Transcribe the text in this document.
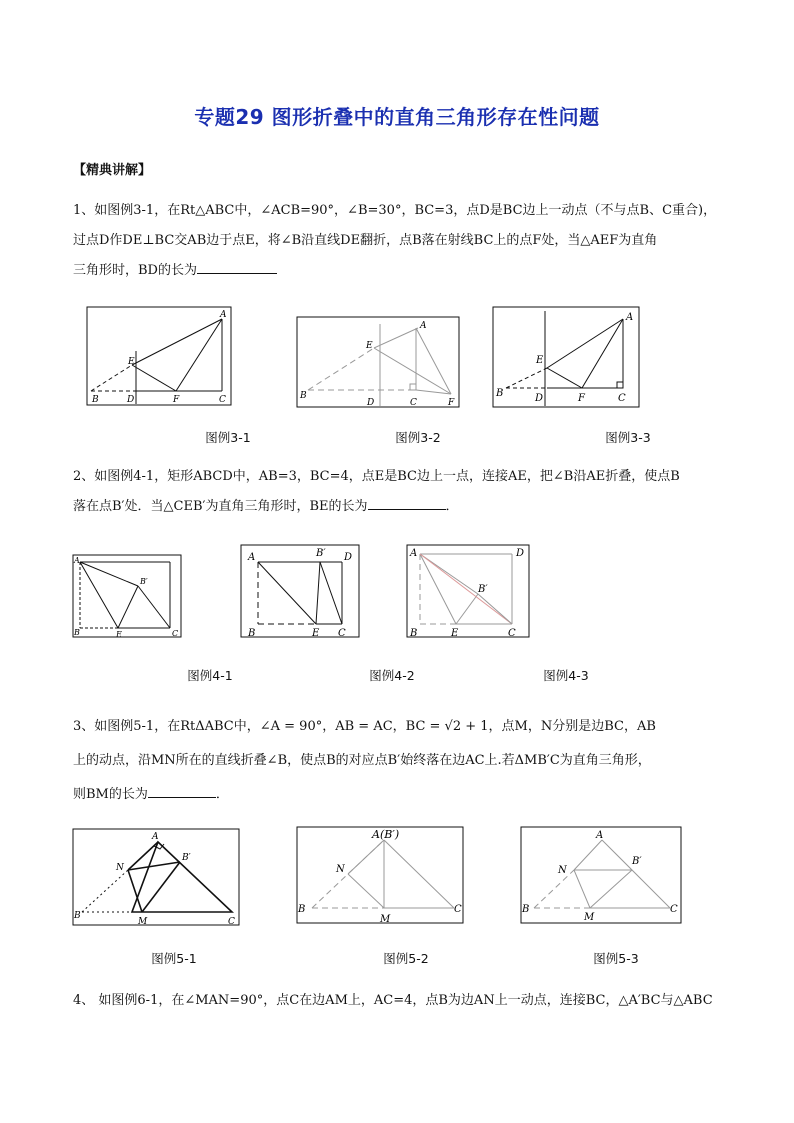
专题29 图形折叠中的直角三角形存在性问题
【精典讲解】
1、如图例3-1，在Rt△ABC中，∠ACB=90°，∠B=30°，BC=3，点D是BC边上一动点（不与点B、C重合)，
过点D作DE⊥BC交AB边于点E，将∠B沿直线DE翻折，点B落在射线BC上的点F处，当△AEF为直角
三角形时，BD的长为
B	D
E
F	C
A
B
D
E
C	F
A
B	D
E
F	C
A
图例3-1	图例3-2	图例3-3
2、如图例4-1，矩形ABCD中，AB=3，BC=4，点E是BC边上一点，连接AE，把∠B沿AE折叠，使点B
落在点B′处．当△CEB′为直角三角形时，BE的长为	．
A
B	E	C
B′
A
B	E C
B′ D	A
B	E	C
B′
D
图例4-1	图例4-2	图例4-3
3、如图例5-1，在RtΔABC中，∠A = 90°，AB = AC，BC = √2 + 1，点M，N分别是边BC，AB
上的动点，沿MN所在的直线折叠∠B，使点B的对应点B′始终落在边AC上.若ΔMB′C为直角三角形，
则BM的长为	．
A
N
B′
B
M	C
A(B′)
N
B
M
C
A
N
B′
B
M
C
图例5-1	图例5-2	图例5-3
4、 如图例6-1，在∠MAN=90°，点C在边AM上，AC=4，点B为边AN上一动点，连接BC，△A′BC与△ABC
